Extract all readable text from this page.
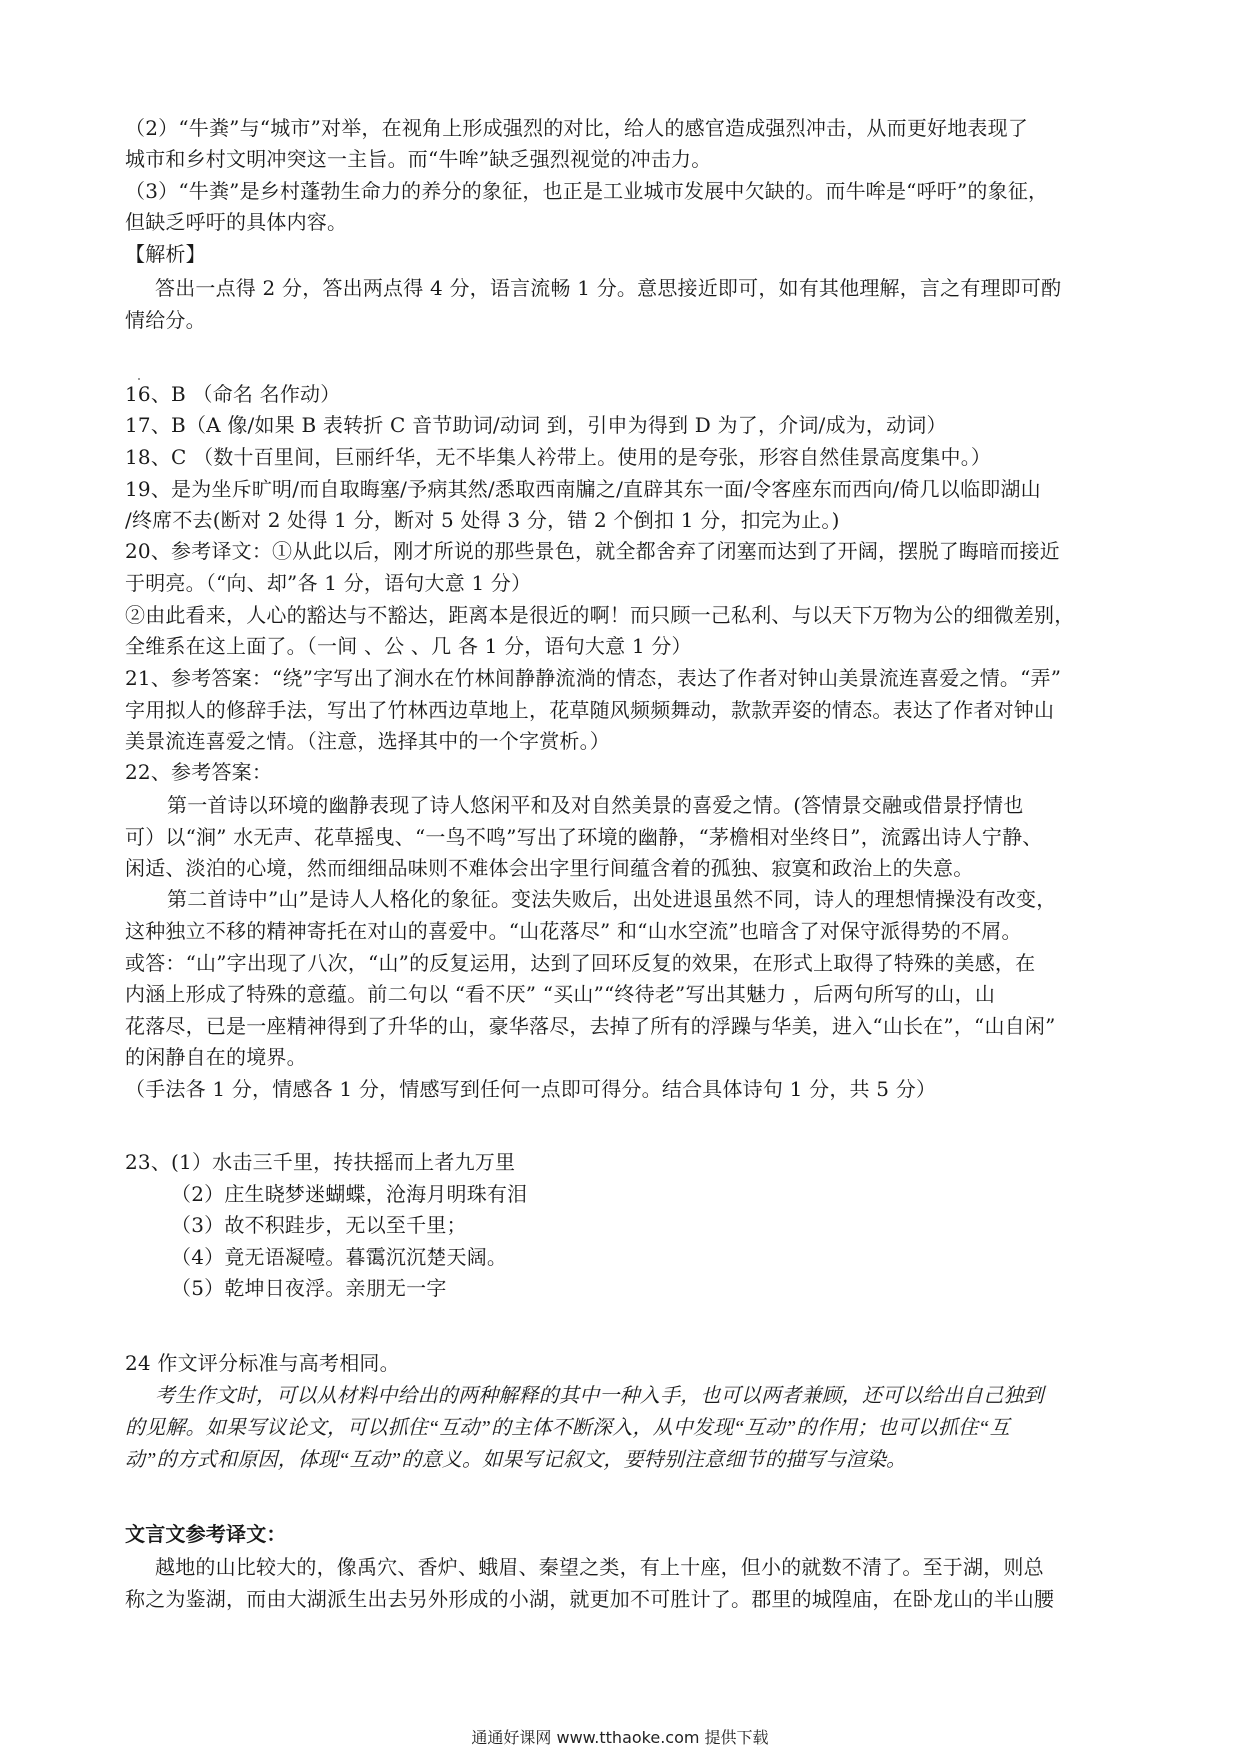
（2）“牛粪”与“城市”对举，在视角上形成强烈的对比，给人的感官造成强烈冲击，从而更好地表现了
城市和乡村文明冲突这一主旨。而“牛哞”缺乏强烈视觉的冲击力。
（3）“牛粪”是乡村蓬勃生命力的养分的象征，也正是工业城市发展中欠缺的。而牛哞是“呼吁”的象征，
但缺乏呼吁的具体内容。
【解析】
答出一点得 2 分，答出两点得 4 分，语言流畅 1 分。意思接近即可，如有其他理解，言之有理即可酌
情给分。
16、B （命名 名作动）
17、B（A 像/如果 B 表转折 C 音节助词/动词 到，引申为得到 D 为了，介词/成为，动词）
18、C （数十百里间，巨丽纤华，无不毕集人衿带上。使用的是夸张，形容自然佳景高度集中。）
19、是为坐斥旷明/而自取晦塞/予病其然/悉取西南牖之/直辟其东一面/令客座东而西向/倚几以临即湖山
/终席不去(断对 2 处得 1 分，断对 5 处得 3 分，错 2 个倒扣 1 分，扣完为止。)
20、参考译文：①从此以后，刚才所说的那些景色，就全都舍弃了闭塞而达到了开阔，摆脱了晦暗而接近
于明亮。（“向、却”各 1 分，语句大意 1 分）
②由此看来，人心的豁达与不豁达，距离本是很近的啊！而只顾一己私利、与以天下万物为公的细微差别，
全维系在这上面了。（一间 、公 、几 各 1 分，语句大意 1 分）
21、参考答案：“绕”字写出了涧水在竹林间静静流淌的情态，表达了作者对钟山美景流连喜爱之情。“弄”
字用拟人的修辞手法，写出了竹林西边草地上，花草随风频频舞动，款款弄姿的情态。表达了作者对钟山
美景流连喜爱之情。（注意，选择其中的一个字赏析。）
22、参考答案：
第一首诗以环境的幽静表现了诗人悠闲平和及对自然美景的喜爱之情。(答情景交融或借景抒情也
可）以“涧” 水无声、花草摇曳、“一鸟不鸣”写出了环境的幽静，“茅檐相对坐终日”，流露出诗人宁静、
闲适、淡泊的心境，然而细细品味则不难体会出字里行间蕴含着的孤独、寂寞和政治上的失意。
第二首诗中”山”是诗人人格化的象征。变法失败后，出处进退虽然不同，诗人的理想情操没有改变，
这种独立不移的精神寄托在对山的喜爱中。“山花落尽” 和“山水空流”也暗含了对保守派得势的不屑。
或答：“山”字出现了八次，“山”的反复运用，达到了回环反复的效果，在形式上取得了特殊的美感，在
内涵上形成了特殊的意蕴。前二句以 “看不厌” “买山”“终待老”写出其魅力 ，后两句所写的山，山
花落尽，已是一座精神得到了升华的山，豪华落尽，去掉了所有的浮躁与华美，进入“山长在”，“山自闲”
的闲静自在的境界。
（手法各 1 分，情感各 1 分，情感写到任何一点即可得分。结合具体诗句 1 分，共 5 分）
23、(1）水击三千里，抟扶摇而上者九万里
（2）庄生晓梦迷蝴蝶，沧海月明珠有泪
（3）故不积跬步，无以至千里；
（4）竟无语凝噎。暮霭沉沉楚天阔。
（5）乾坤日夜浮。亲朋无一字
24 作文评分标准与高考相同。
考生作文时，可以从材料中给出的两种解释的其中一种入手，也可以两者兼顾，还可以给出自己独到
的见解。如果写议论文，可以抓住“互动”的主体不断深入，从中发现“互动”的作用；也可以抓住“互
动”的方式和原因，体现“互动”的意义。如果写记叙文，要特别注意细节的描写与渲染。
文言文参考译文：
越地的山比较大的，像禹穴、香炉、蛾眉、秦望之类，有上十座，但小的就数不清了。至于湖，则总
称之为鉴湖，而由大湖派生出去另外形成的小湖，就更加不可胜计了。郡里的城隍庙，在卧龙山的半山腰
通通好课网 www.tthaoke.com 提供下载
